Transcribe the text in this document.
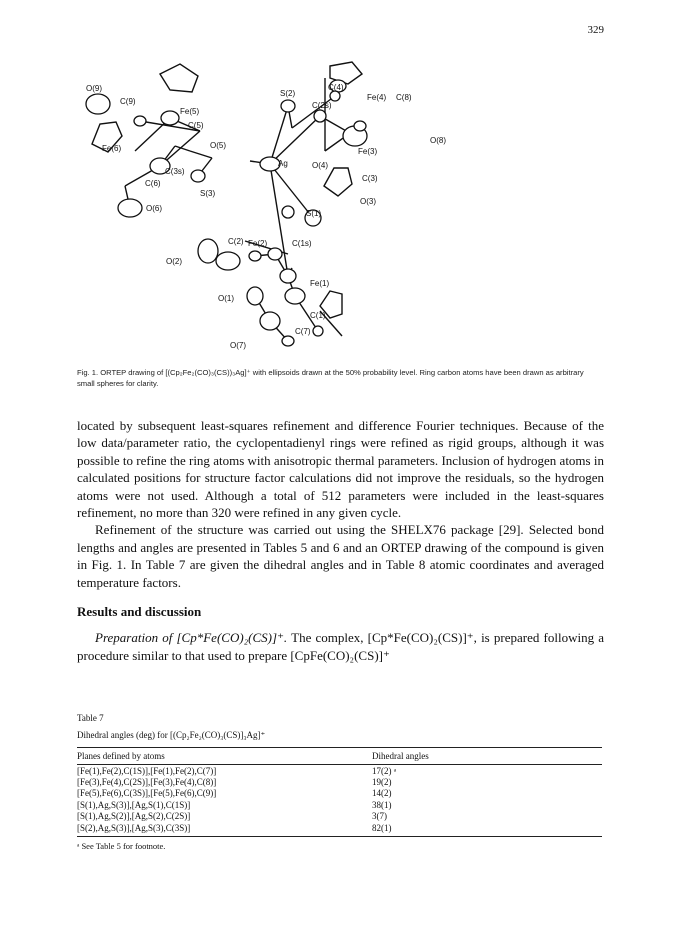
329
O(9)
C(9)
Fe(5)
C(5)
Fe(6)	O(5)
C(3s)
C(6)
S(3)
O(6)
S(2)
C(2s)
C(4)
Fe(4) C(8)
O(4)
Fe(3)
O(8)
C(3)
O(3)
Ag
S(1)
C(2) Fe(2)	C(1s)
O(2)
Fe(1)
O(1)
C(1)
C(7)
O(7)
Fig. 1. ORTEP drawing of [(Cp₂Fe₂(CO)₃(CS))₃Ag]⁺ with ellipsoids drawn at the 50% probability level. Ring carbon atoms have been drawn as arbitrary small spheres for clarity.

located by subsequent least-squares refinement and difference Fourier techniques. Because of the low data/parameter ratio, the cyclopentadienyl rings were refined as rigid groups, although it was possible to refine the ring atoms with anisotropic thermal parameters. Inclusion of hydrogen atoms in calculated positions for structure factor calculations did not improve the residuals, so the hydrogen atoms were not used. Although a total of 512 parameters were included in the least-squares refinement, no more than 320 were refined in any given cycle.

Refinement of the structure was carried out using the SHELX76 package [29]. Selected bond lengths and angles are presented in Tables 5 and 6 and an ORTEP drawing of the compound is given in Fig. 1. In Table 7 are given the dihedral angles and in Table 8 atomic coordinates and averaged temperature factors.

Results and discussion

Preparation of [Cp*Fe(CO)₂(CS)]⁺. The complex, [Cp*Fe(CO)₂(CS)]⁺, is prepared following a procedure similar to that used to prepare [CpFe(CO)₂(CS)]⁺

Table 7

Dihedral angles (deg) for [(Cp₂Fe₂(CO)₃(CS)]₃Ag]⁺

Planes defined by atoms	Dihedral angles
[Fe(1),Fe(2),C(1S)],[Fe(1),Fe(2),C(7)]	17(2) ᵃ
[Fe(3),Fe(4),C(2S)],[Fe(3),Fe(4),C(8)]	19(2)
[Fe(5),Fe(6),C(3S)],[Fe(5),Fe(6),C(9)]	14(2)
[S(1),Ag,S(3)],[Ag,S(1),C(1S)]	38(1)
[S(1),Ag,S(2)],[Ag,S(2),C(2S)]	3(7)
[S(2),Ag,S(3)],[Ag,S(3),C(3S)]	82(1)
ᵃ See Table 5 for footnote.
